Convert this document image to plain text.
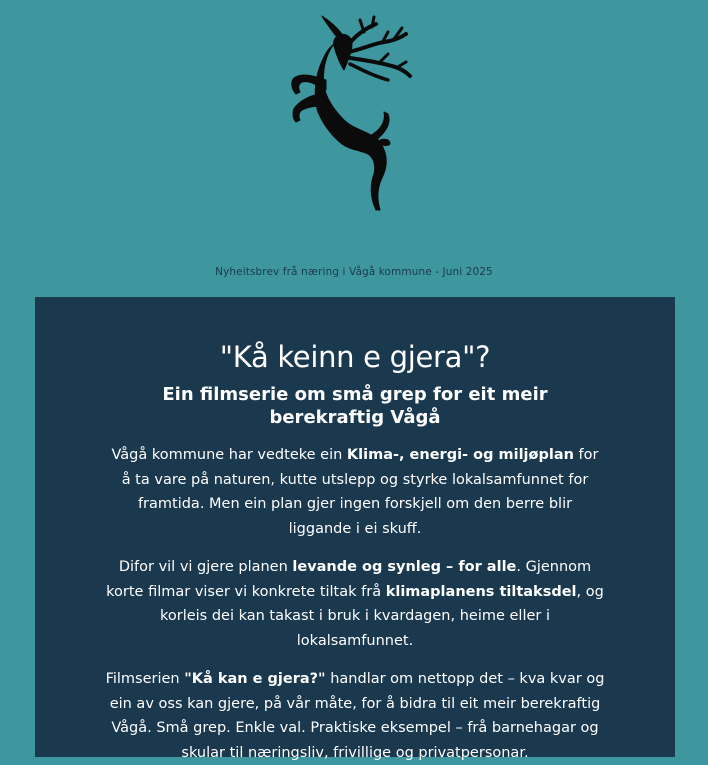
Nyheitsbrev frå næring i Vågå kommune - Juni 2025
"Kå keinn e gjera"?
Ein filmserie om små grep for eit meir berekraftig Vågå

Vågå kommune har vedteke ein Klima-, energi- og miljøplan for å ta vare på naturen, kutte utslepp og styrke lokalsamfunnet for framtida. Men ein plan gjer ingen forskjell om den berre blir liggande i ei skuff.

Difor vil vi gjere planen levande og synleg – for alle. Gjennom korte filmar viser vi konkrete tiltak frå klimaplanens tiltaksdel, og korleis dei kan takast i bruk i kvardagen, heime eller i lokalsamfunnet.

Filmserien "Kå kan e gjera?" handlar om nettopp det – kva kvar og ein av oss kan gjere, på vår måte, for å bidra til eit meir berekraftig Vågå. Små grep. Enkle val. Praktiske eksempel – frå barnehagar og skular til næringsliv, frivillige og privatpersonar.
